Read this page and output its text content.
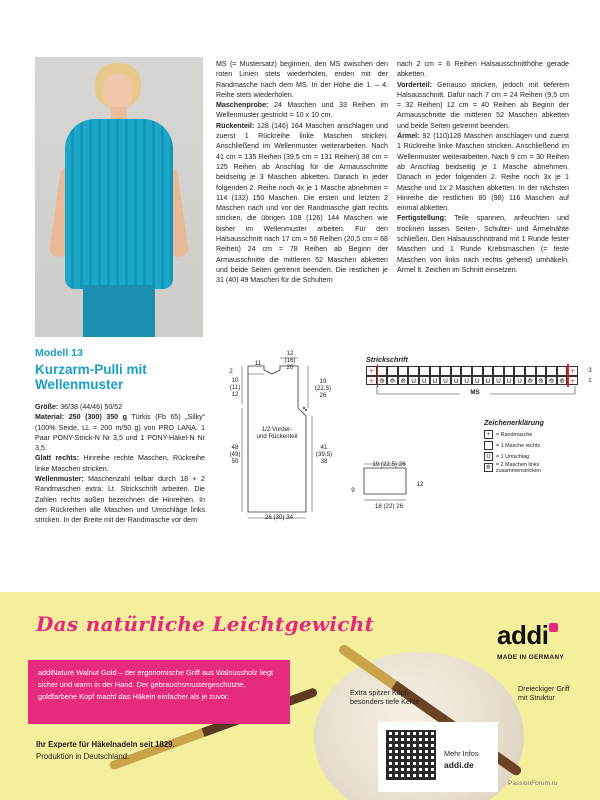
MS (= Mustersatz) beginnen, den MS zwischen den roten Linien stets wiederholen, enden mit der Randmasche nach dem MS. In der Höhe die 1. – 4. Reihe stets wiederholen.

Maschenprobe: 24 Maschen und 33 Reihen im Wellenmuster gestrickt = 10 x 10 cm.

Rückenteil: 128 (146) 164 Maschen anschlagen und zuerst 1 Rückreihe linke Maschen stricken. Anschließend im Wellenmuster weiterarbeiten. Nach 41 cm = 135 Reihen (39,5 cm = 131 Reihen) 38 cm = 125 Reihen ab Anschlag für die Armausschnitte beidseitig je 3 Maschen abketten. Danach in jeder folgenden 2. Reihe noch 4x je 1 Masche abnehmen = 114 (132) 150 Maschen. Die ersten und letzten 2 Maschen nach und vor der Randmasche glatt rechts stricken, die übrigen 108 (126) 144 Maschen wie bisher im Wellenmuster arbeiten. Für den Halsausschnitt nach 17 cm = 56 Reihen (20,5 cm = 68 Reihen) 24 cm = 78 Reihen ab Beginn der Armausschnitte die mittleren 52 Maschen abketten und beide Seiten getrennt beenden. Die restlichen je 31 (40) 49 Maschen für die Schultern

nach 2 cm = 6 Reihen Halsausschnitthöhe gerade abketten.

Vorderteil: Genauso stricken, jedoch mit tieferem Halsausschnitt. Dafür nach 7 cm = 24 Reihen (9,5 cm = 32 Reihen) 12 cm = 40 Reihen ab Beginn der Armausschnitte die mittleren 52 Maschen abketten und beide Seiten getrennt beenden.

Ärmel: 92 (110)128 Maschen anschlagen und zuerst 1 Rückreihe linke Maschen stricken. Anschließend im Wellenmuster weiterarbeiten. Nach 9 cm = 30 Reihen ab Anschlag beidseitig je 1 Masche abnehmen. Danach in jeder folgenden 2. Reihe noch 3x je 1 Masche und 1x 2 Maschen abketten. In der nächsten Hinreihe die restlichen 80 (98) 116 Maschen auf einmal abketten.

Fertigstellung: Teile spannen, anfeuchten und trocknen lassen. Seiten-, Schulter- und Ärmelnähte schließen. Den Halsausschnittrand mit 1 Runde fester Maschen und 1 Runde Krebsmaschen (= feste Maschen von links nach rechts gehend) umhäkeln. Ärmel lt. Zeichen im Schnitt einsetzen.

Modell 13
Kurzarm-Pulli mit Wellenmuster

Größe: 36/38 (44/46) 50/52

Material: 250 (300) 350 g Türkis (Fb 65) „Silky“ (100% Seide, LL = 200 m/50 g) von PRO LANA. 1 Paar PONY-Strick-N Nr 3,5 und 1 PONY-Häkel-N Nr 3,5.

Glatt rechts: Hinreihe rechte Maschen, Rückreihe linke Maschen stricken.

Wellenmuster: Maschenzahl teilbar durch 18 + 2 Randmaschen extra: Lt. Strickschrift arbeiten. Die Zahlen rechts außen bezeichnen die Hinreihen. In den Rückreihen alle Maschen und Umschläge links stricken. In der Breite mit der Randmasche vor dem

12
(16)
20
11
2
10
(11)
12
19
(22,5)
26
1/2 Vorder-
und Rückenteil
48
(49)
50
41
(39,5)
38
26 (30) 34
19 (22,5) 26
9
12
18 (22) 26
Strickschrift
+	+
+ ⟰ ⟰ ⟰ U U U U U U U U U U U ⟰ ⟰ ⟰ ⟰ +
3
1
MS
Zeichenerklärung
+	= Randmasche
= 1 Masche rechts
U = 1 Umschlag
⟰
= 2 Maschen links zusammenstricken
Das natürliche Leichtgewicht
addiNature Walnut Gold – der ergonomische Griff aus Walnussholz liegt sicher und warm in der Hand. Der gebrauchsmustergeschützte, goldfarbene Kopf macht das Häkeln einfacher als je zuvor.
Ihr Experte für Häkelnadeln seit 1829.
Produktion in Deutschland.
Extra spitzer Kopf,
besonders tiefe Kehle
Dreieckiger Griff
mit Struktur
addi
MADE IN GERMANY
Mehr Infos
addi.de
PassionForum.ru
